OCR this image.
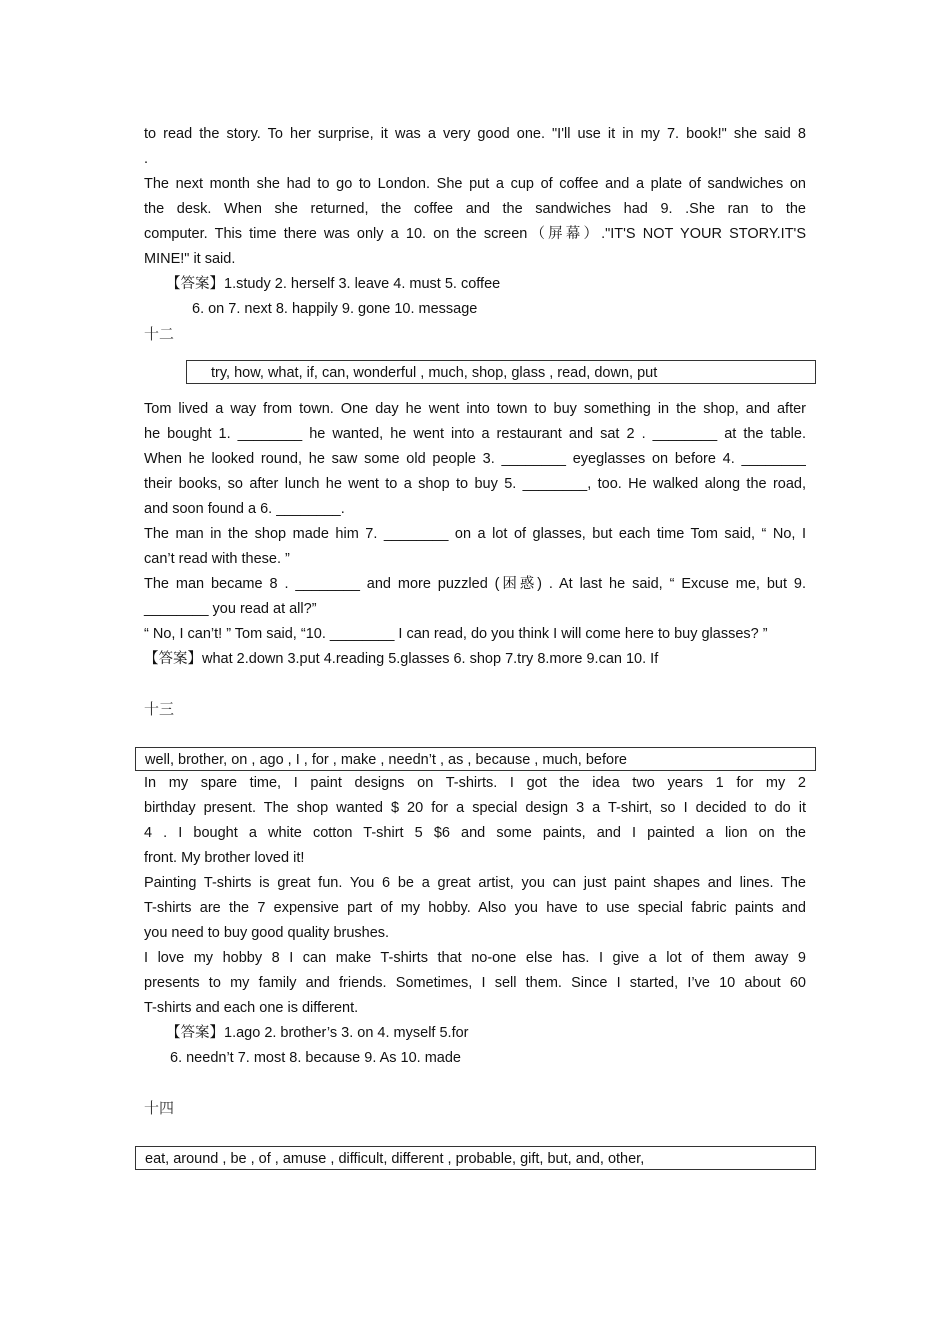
to read the story. To her surprise, it was a very good one. "I'll use it in my 7. book!" she said 8
.
The next month she had to go to London. She put a cup of coffee and a plate of sandwiches on
the desk. When she returned, the coffee and the sandwiches had 9. .She ran to the
computer. This time there was only a 10. on the screen（屏幕）."IT'S NOT YOUR STORY.IT'S
MINE!" it said.
【答案】1.study 2. herself 3. leave 4. must 5. coffee
6. on 7. next 8. happily 9. gone 10. message
十二
try, how, what, if, can, wonderful , much, shop, glass , read, down, put
Tom lived a way from town. One day he went into town to buy something in the shop, and after
he bought 1. ________ he wanted, he went into a restaurant and sat 2 . ________ at the table.
When he looked round, he saw some old people 3. ________ eyeglasses on before 4. ________
their books, so after lunch he went to a shop to buy 5. ________, too. He walked along the road,
and soon found a 6. ________.
The man in the shop made him 7. ________ on a lot of glasses, but each time Tom said, “ No, I
can’t read with these. ”
The man became 8 . ________ and more puzzled (困惑) . At last he said, “ Excuse me, but 9.
________ you read at all?”
“ No, I can’t! ” Tom said, “10. ________ I can read, do you think I will come here to buy glasses? ”
【答案】what 2.down 3.put 4.reading 5.glasses 6. shop 7.try 8.more 9.can 10. If
十三
well, brother, on , ago , I , for , make , needn’t , as , because , much, before
In my spare time, I paint designs on T-shirts. I got the idea two years 1 for my 2
birthday present. The shop wanted $ 20 for a special design 3 a T-shirt, so I decided to do it
4 . I bought a white cotton T-shirt 5 $6 and some paints, and I painted a lion on the
front. My brother loved it!
Painting T-shirts is great fun. You 6 be a great artist, you can just paint shapes and lines. The
T-shirts are the 7 expensive part of my hobby. Also you have to use special fabric paints and
you need to buy good quality brushes.
I love my hobby 8 I can make T-shirts that no-one else has. I give a lot of them away 9
presents to my family and friends. Sometimes, I sell them. Since I started, I’ve 10 about 60
T-shirts and each one is different.
【答案】1.ago 2. brother’s 3. on 4. myself 5.for
6. needn’t 7. most 8. because 9. As 10. made
十四
eat, around , be , of , amuse , difficult, different , probable, gift, but, and, other,
